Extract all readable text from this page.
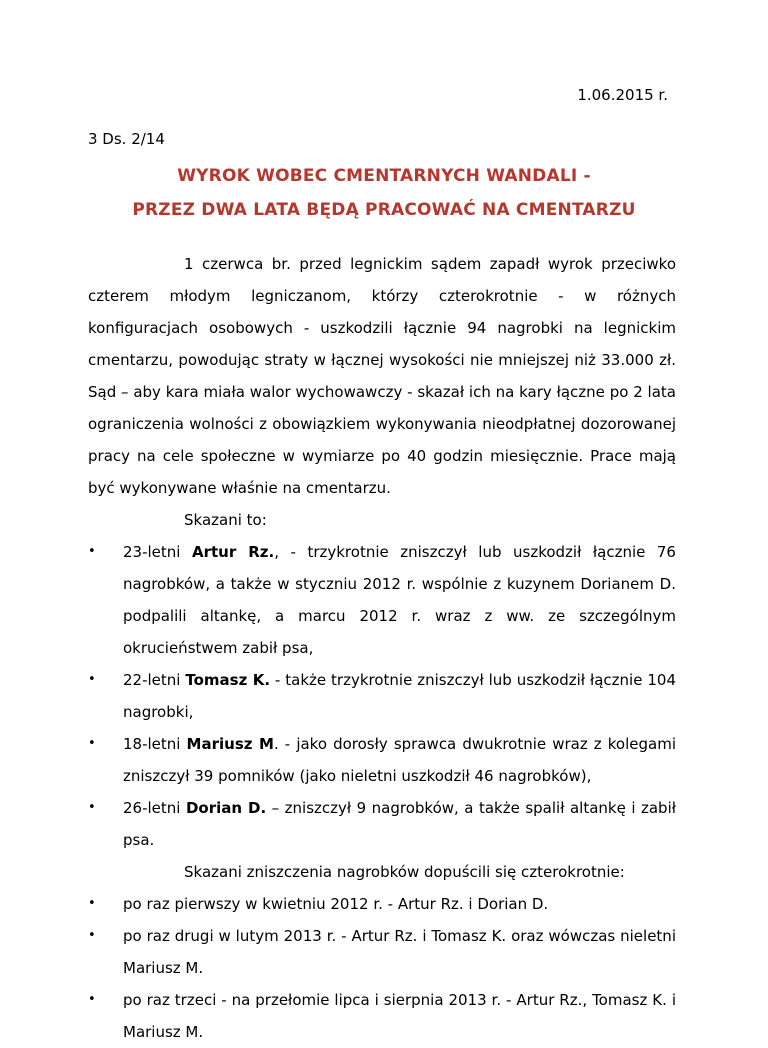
1.06.2015 r.
3 Ds. 2/14
WYROK WOBEC CMENTARNYCH WANDALI -
PRZEZ DWA LATA BĘDĄ PRACOWAĆ NA CMENTARZU

1 czerwca br. przed legnickim sądem zapadł wyrok przeciwko czterem młodym legniczanom, którzy czterokrotnie - w różnych konfiguracjach osobowych - uszkodzili łącznie 94 nagrobki na legnickim cmentarzu, powodując straty w łącznej wysokości nie mniejszej niż 33.000 zł. Sąd – aby kara miała walor wychowawczy - skazał ich na kary łączne po 2 lata ograniczenia wolności z obowiązkiem wykonywania nieodpłatnej dozorowanej pracy na cele społeczne w wymiarze po 40 godzin miesięcznie. Prace mają być wykonywane właśnie na cmentarzu.

Skazani to:

• 23-letni Artur Rz., - trzykrotnie zniszczył lub uszkodził łącznie 76 nagrobków, a także w styczniu 2012 r. wspólnie z kuzynem Dorianem D. podpalili altankę, a marcu 2012 r. wraz z ww. ze szczególnym okrucieństwem zabił psa,
• 22-letni Tomasz K. - także trzykrotnie zniszczył lub uszkodził łącznie 104 nagrobki,
• 18-letni Mariusz M. - jako dorosły sprawca dwukrotnie wraz z kolegami zniszczył 39 pomników (jako nieletni uszkodził 46 nagrobków),
• 26-letni Dorian D. – zniszczył 9 nagrobków, a także spalił altankę i zabił psa.

Skazani zniszczenia nagrobków dopuścili się czterokrotnie:

• po raz pierwszy w kwietniu 2012 r. - Artur Rz. i Dorian D.
• po raz drugi w lutym 2013 r. - Artur Rz. i Tomasz K. oraz wówczas nieletni Mariusz M.
• po raz trzeci - na przełomie lipca i sierpnia 2013 r. - Artur Rz., Tomasz K. i Mariusz M.
